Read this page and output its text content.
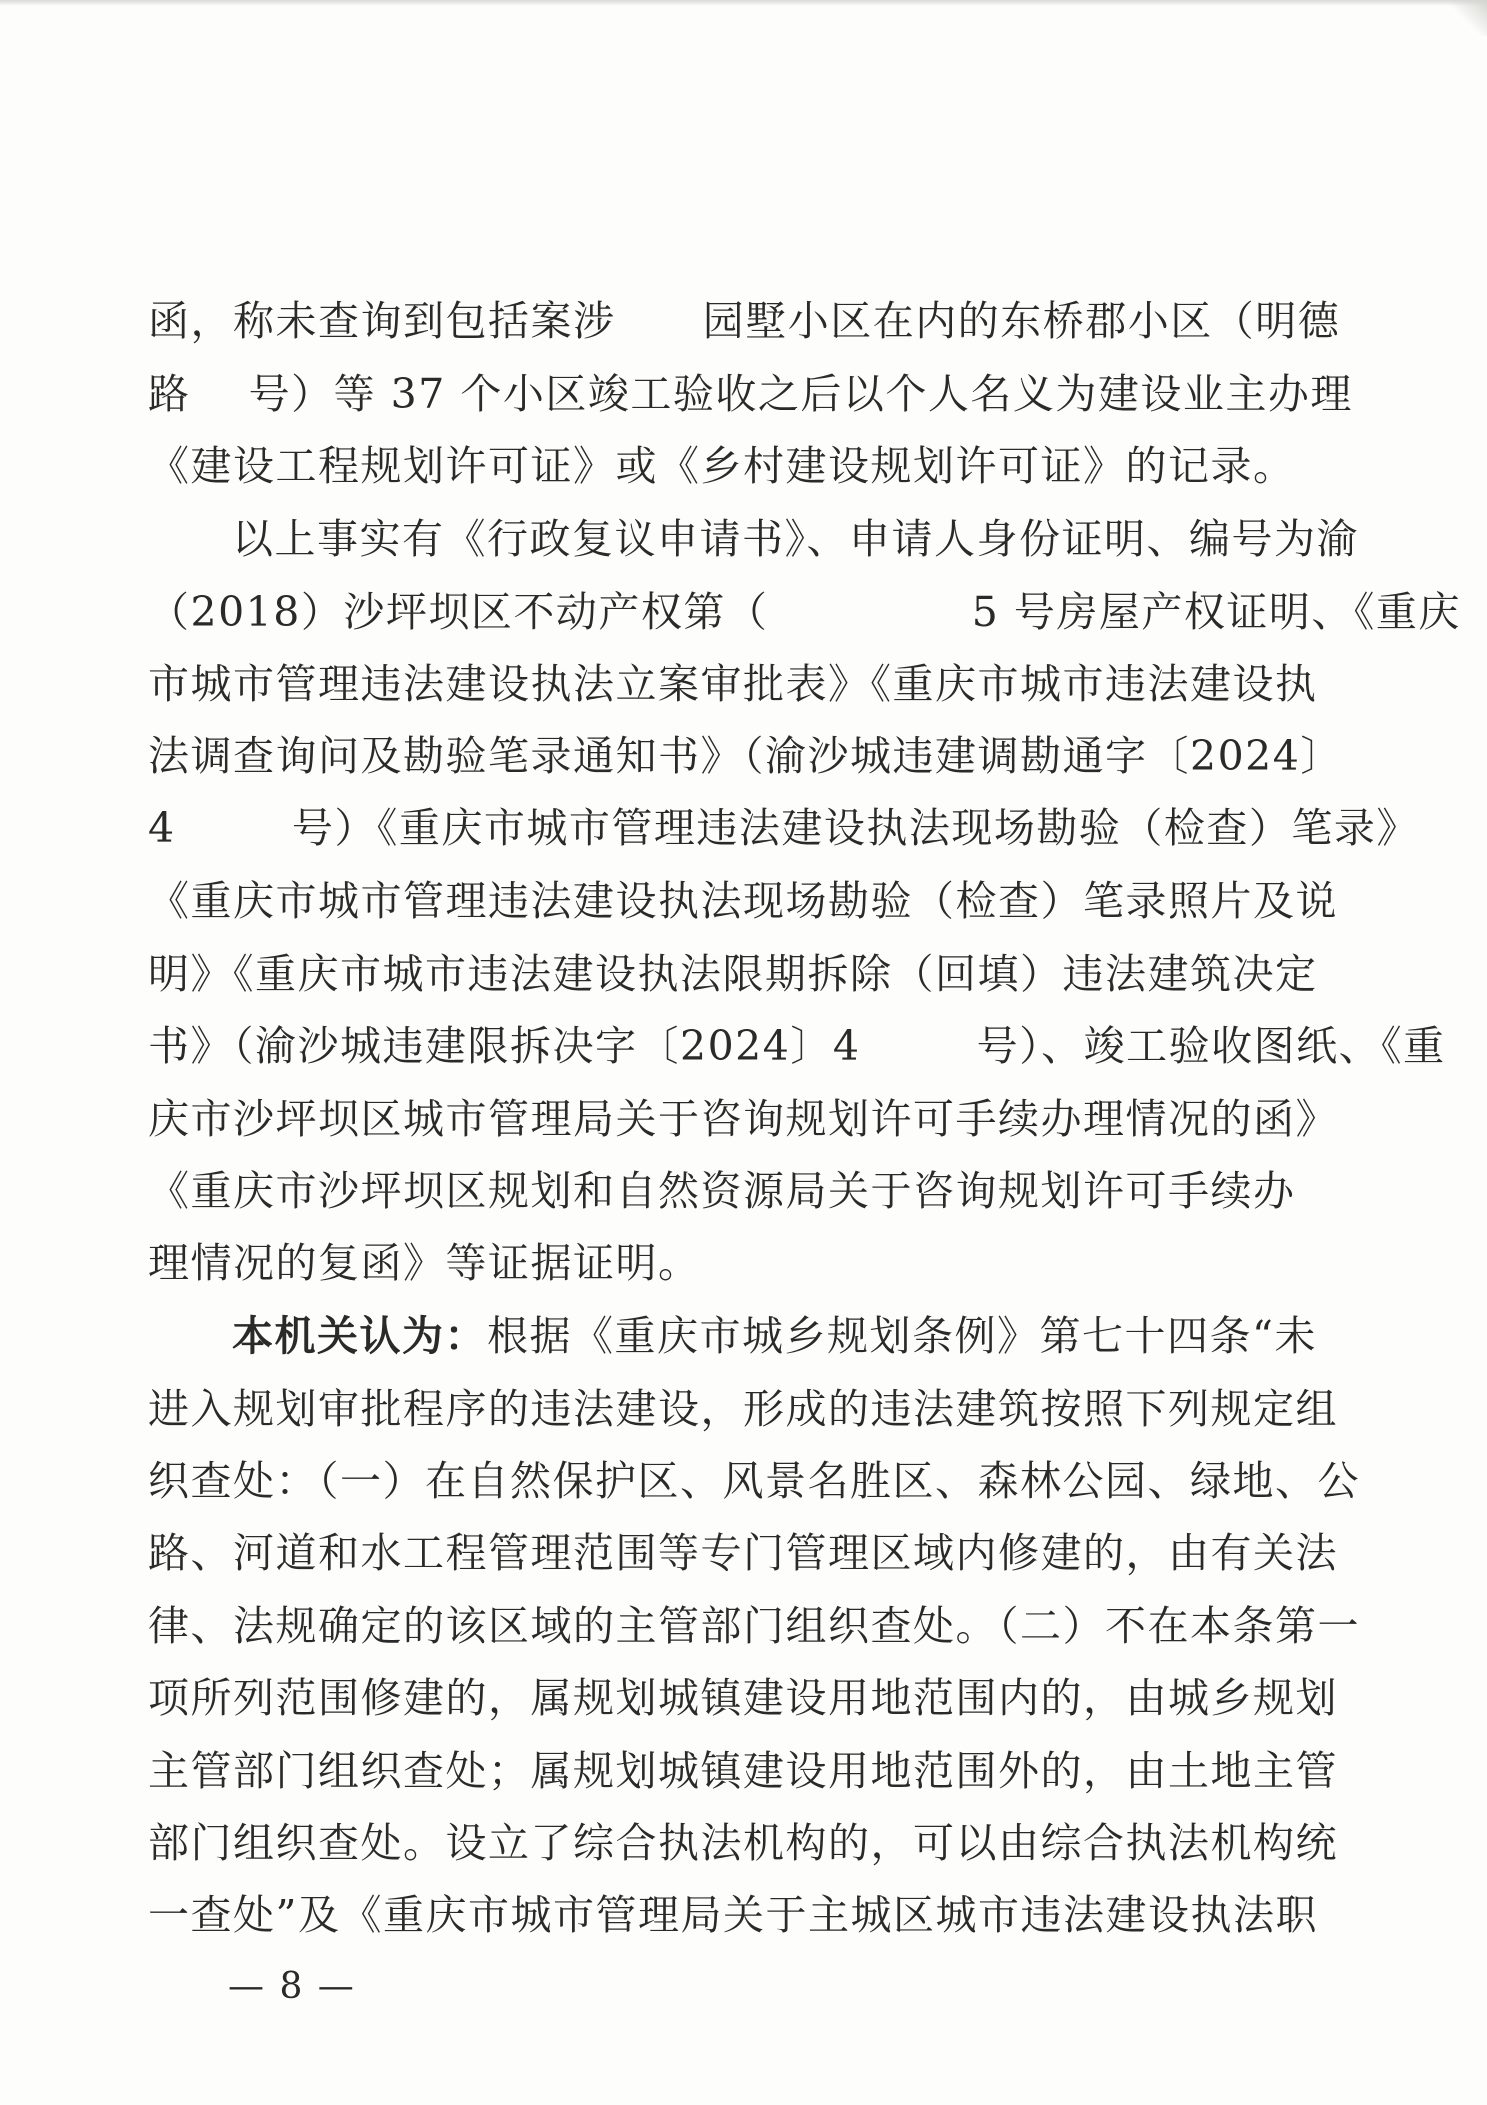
函，称未查询到包括案涉      园墅小区在内的东桥郡小区（明德
路    号）等 37 个小区竣工验收之后以个人名义为建设业主办理
《建设工程规划许可证》或《乡村建设规划许可证》的记录。
以上事实有《行政复议申请书》、申请人身份证明、编号为渝
（2018）沙坪坝区不动产权第（              5 号房屋产权证明、《重庆
市城市管理违法建设执法立案审批表》《重庆市城市违法建设执
法调查询问及勘验笔录通知书》（渝沙城违建调勘通字〔2024〕
4        号）《重庆市城市管理违法建设执法现场勘验（检查）笔录》
《重庆市城市管理违法建设执法现场勘验（检查）笔录照片及说
明》《重庆市城市违法建设执法限期拆除（回填）违法建筑决定
书》（渝沙城违建限拆决字〔2024〕4        号）、竣工验收图纸、《重
庆市沙坪坝区城市管理局关于咨询规划许可手续办理情况的函》
《重庆市沙坪坝区规划和自然资源局关于咨询规划许可手续办
理情况的复函》等证据证明。
本机关认为：根据《重庆市城乡规划条例》第七十四条“未
进入规划审批程序的违法建设，形成的违法建筑按照下列规定组
织查处：（一）在自然保护区、风景名胜区、森林公园、绿地、公
路、河道和水工程管理范围等专门管理区域内修建的，由有关法
律、法规确定的该区域的主管部门组织查处。（二）不在本条第一
项所列范围修建的，属规划城镇建设用地范围内的，由城乡规划
主管部门组织查处；属规划城镇建设用地范围外的，由土地主管
部门组织查处。设立了综合执法机构的，可以由综合执法机构统
一查处”及《重庆市城市管理局关于主城区城市违法建设执法职
— 8 —
